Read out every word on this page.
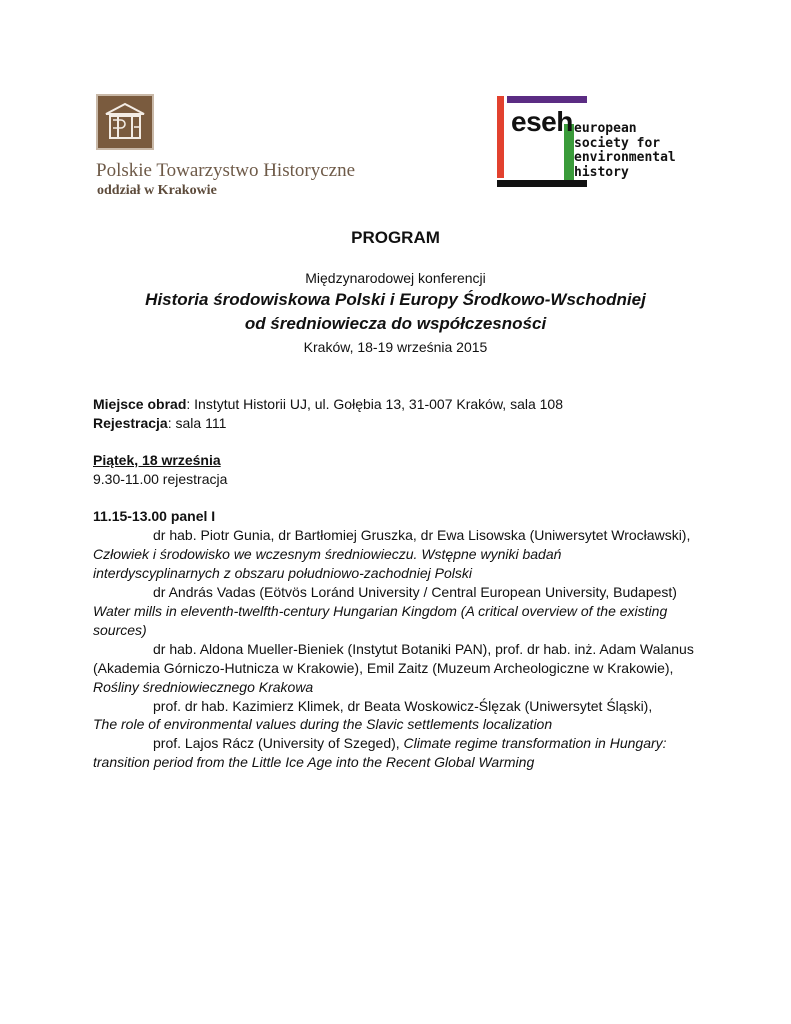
Polskie Towarzystwo Historyczne
oddział w Krakowie
eseh european
society for
environmental
history
PROGRAM
Międzynarodowej konferencji
Historia środowiskowa Polski i Europy Środkowo-Wschodniej
od średniowiecza do współczesności
Kraków, 18-19 września 2015
Miejsce obrad: Instytut Historii UJ, ul. Gołębia 13, 31-007 Kraków, sala 108
Rejestracja: sala 111
Piątek, 18 września
9.30-11.00 rejestracja
11.15-13.00 panel I
dr hab. Piotr Gunia, dr Bartłomiej Gruszka, dr Ewa Lisowska (Uniwersytet Wrocławski),
Człowiek i środowisko we wczesnym średniowieczu. Wstępne wyniki badań
interdyscyplinarnych z obszaru południowo-zachodniej Polski
dr András Vadas (Eötvös Loránd University / Central European University, Budapest)
Water mills in eleventh-twelfth-century Hungarian Kingdom (A critical overview of the existing
sources)
dr hab. Aldona Mueller-Bieniek (Instytut Botaniki PAN), prof. dr hab. inż. Adam Walanus
(Akademia Górniczo-Hutnicza w Krakowie), Emil Zaitz (Muzeum Archeologiczne w Krakowie),
Rośliny średniowiecznego Krakowa
prof. dr hab. Kazimierz Klimek, dr Beata Woskowicz-Ślęzak (Uniwersytet Śląski),
The role of environmental values during the Slavic settlements localization
prof. Lajos Rácz (University of Szeged), Climate regime transformation in Hungary:
transition period from the Little Ice Age into the Recent Global Warming
